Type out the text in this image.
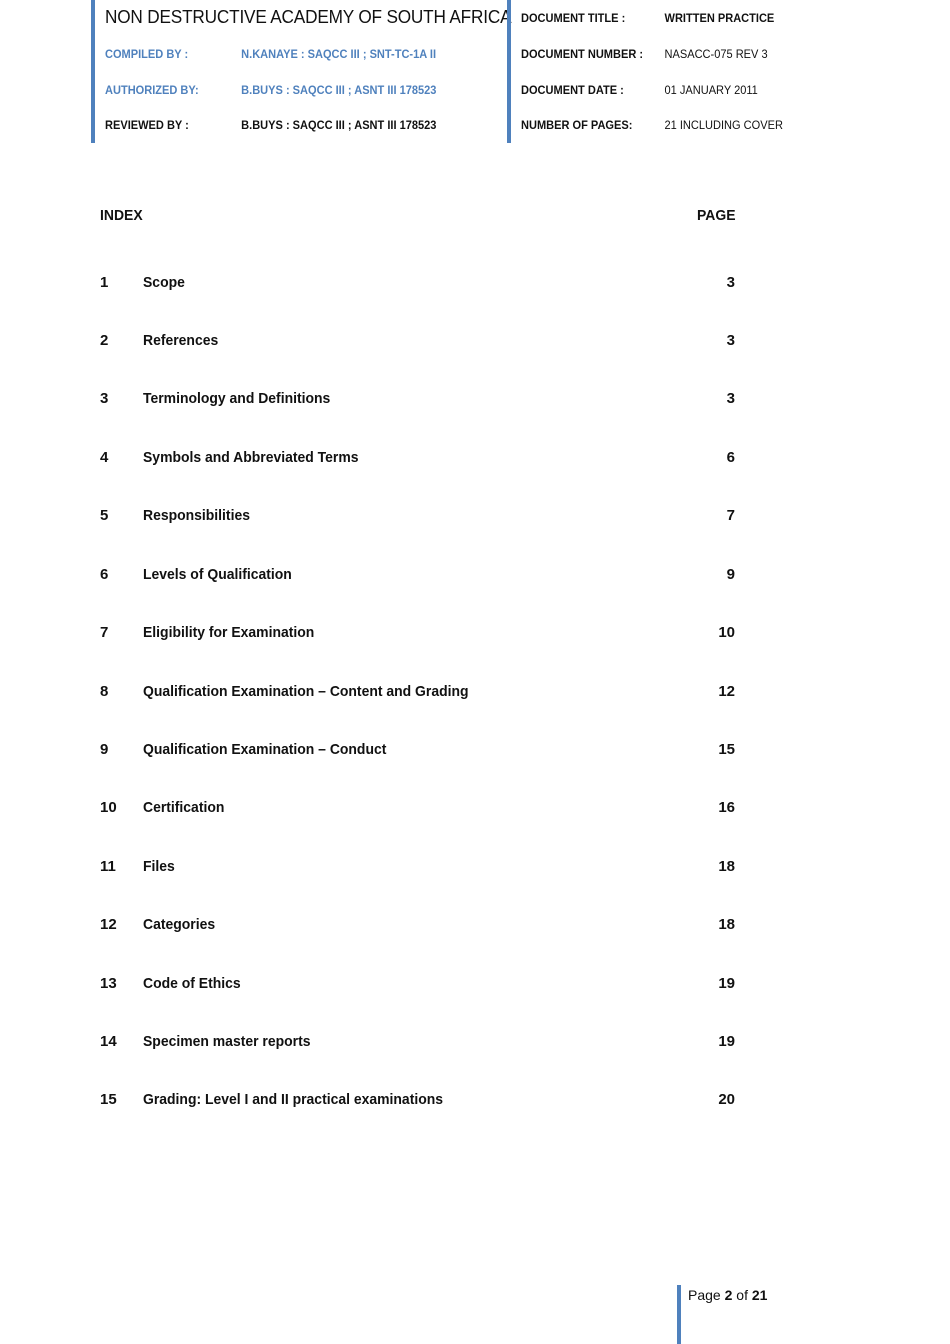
NON DESTRUCTIVE ACADEMY OF SOUTH AFRICA
COMPILED BY :	N.KANAYE : SAQCC III ; SNT-TC-1A II
AUTHORIZED BY:	B.BUYS : SAQCC III ; ASNT III 178523
REVIEWED BY :	B.BUYS : SAQCC III ; ASNT III 178523
DOCUMENT TITLE :	WRITTEN PRACTICE
DOCUMENT NUMBER : NASACC-075 REV 3
DOCUMENT DATE :	01 JANUARY 2011
NUMBER OF PAGES:	21 INCLUDING COVER
INDEX	PAGE
1 Scope	3
2 References	3
3 Terminology and Definitions	3
4 Symbols and Abbreviated Terms	6
5 Responsibilities	7
6 Levels of Qualification	9
7 Eligibility for Examination	10
8 Qualification Examination – Content and Grading	12
9 Qualification Examination – Conduct	15
10 Certification	16
11 Files	18
12 Categories	18
13 Code of Ethics	19
14 Specimen master reports	19
15 Grading: Level I and II practical examinations	20
Page 2 of 21
